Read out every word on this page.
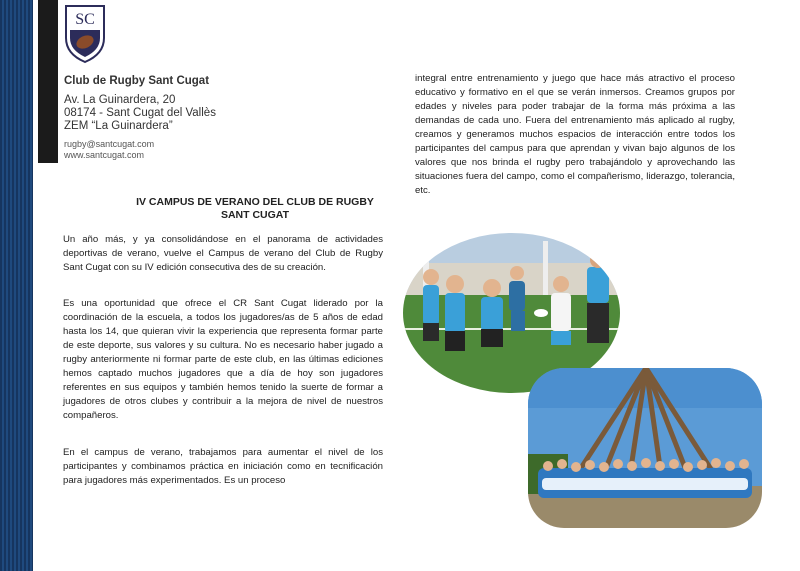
SC
Club de Rugby Sant Cugat
Av. La Guinardera, 20
08174 - Sant Cugat del Vallès
ZEM “La Guinardera”
rugby@santcugat.com
www.santcugat.com
IV CAMPUS DE VERANO DEL CLUB DE RUGBY
SANT CUGAT

Un año más, y ya consolidándose en el panorama de actividades deportivas de verano, vuelve el Campus de verano del Club de Rugby Sant Cugat con su IV edición consecutiva des de su creación.

Es una oportunidad que ofrece el CR Sant Cugat liderado por la coordinación de la escuela, a todos los jugadores/as de 5 años de edad hasta los 14, que quieran vivir la experiencia que representa formar parte de este deporte, sus valores y su cultura. No es necesario haber jugado a rugby anteriormente ni formar parte de este club, en las últimas ediciones hemos captado muchos jugadores que a día de hoy son jugadores referentes en sus equipos y también hemos tenido la suerte de formar a jugadores de otros clubes y contribuir a la mejora de nivel de nuestros compañeros.

En el campus de verano, trabajamos para aumentar el nivel de los participantes y combinamos práctica en iniciación como en tecnificación para jugadores más experimentados. Es un proceso

integral entre entrenamiento y juego que hace más atractivo el proceso educativo y formativo en el que se verán inmersos. Creamos grupos por edades y niveles para poder trabajar de la forma más próxima a las demandas de cada uno. Fuera del entrenamiento más aplicado al rugby, creamos y generamos muchos espacios de interacción entre todos los participantes del campus para que aprendan y vivan bajo algunos de los valores que nos brinda el rugby pero trabajándolo y aprovechando las situaciones fuera del campo, como el compañerismo, liderazgo, tolerancia, etc.
